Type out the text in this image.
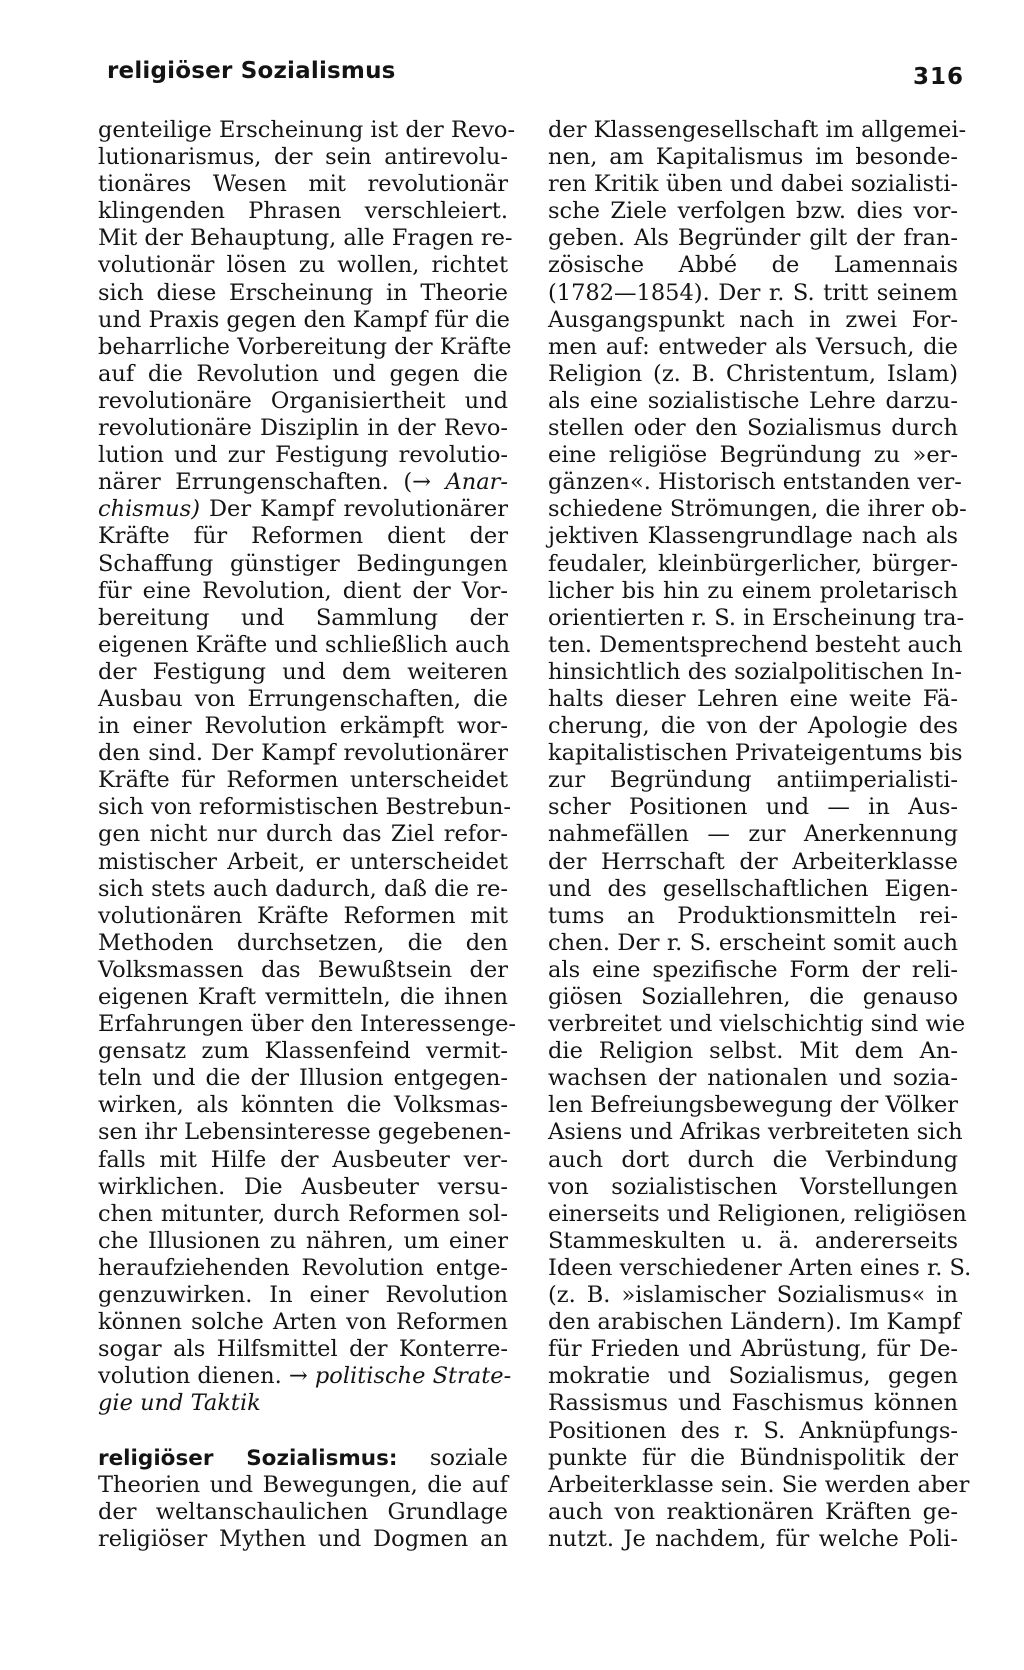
religiöser Sozialismus	316
genteilige Erscheinung ist der Revo-
lutionarismus, der sein antirevolu-
tionäres Wesen mit revolutionär
klingenden Phrasen verschleiert.
Mit der Behauptung, alle Fragen re-
volutionär lösen zu wollen, richtet
sich diese Erscheinung in Theorie
und Praxis gegen den Kampf für die
beharrliche Vorbereitung der Kräfte
auf die Revolution und gegen die
revolutionäre Organisiertheit und
revolutionäre Disziplin in der Revo-
lution und zur Festigung revolutio-
närer Errungenschaften. (→ Anar-
chismus) Der Kampf revolutionärer
Kräfte für Reformen dient der
Schaffung günstiger Bedingungen
für eine Revolution, dient der Vor-
bereitung und Sammlung der
eigenen Kräfte und schließlich auch
der Festigung und dem weiteren
Ausbau von Errungenschaften, die
in einer Revolution erkämpft wor-
den sind. Der Kampf revolutionärer
Kräfte für Reformen unterscheidet
sich von reformistischen Bestrebun-
gen nicht nur durch das Ziel refor-
mistischer Arbeit, er unterscheidet
sich stets auch dadurch, daß die re-
volutionären Kräfte Reformen mit
Methoden durchsetzen, die den
Volksmassen das Bewußtsein der
eigenen Kraft vermitteln, die ihnen
Erfahrungen über den Interessenge-
gensatz zum Klassenfeind vermit-
teln und die der Illusion entgegen-
wirken, als könnten die Volksmas-
sen ihr Lebensinteresse gegebenen-
falls mit Hilfe der Ausbeuter ver-
wirklichen. Die Ausbeuter versu-
chen mitunter, durch Reformen sol-
che Illusionen zu nähren, um einer
heraufziehenden Revolution entge-
genzuwirken. In einer Revolution
können solche Arten von Reformen
sogar als Hilfsmittel der Konterre-
volution dienen. → politische Strate-
gie und Taktik
religiöser Sozialismus: soziale
Theorien und Bewegungen, die auf
der weltanschaulichen Grundlage
religiöser Mythen und Dogmen an
der Klassengesellschaft im allgemei-
nen, am Kapitalismus im besonde-
ren Kritik üben und dabei sozialisti-
sche Ziele verfolgen bzw. dies vor-
geben. Als Begründer gilt der fran-
zösische Abbé de Lamennais
(1782—1854). Der r. S. tritt seinem
Ausgangspunkt nach in zwei For-
men auf: entweder als Versuch, die
Religion (z. B. Christentum, Islam)
als eine sozialistische Lehre darzu-
stellen oder den Sozialismus durch
eine religiöse Begründung zu »er-
gänzen«. Historisch entstanden ver-
schiedene Strömungen, die ihrer ob-
jektiven Klassengrundlage nach als
feudaler, kleinbürgerlicher, bürger-
licher bis hin zu einem proletarisch
orientierten r. S. in Erscheinung tra-
ten. Dementsprechend besteht auch
hinsichtlich des sozialpolitischen In-
halts dieser Lehren eine weite Fä-
cherung, die von der Apologie des
kapitalistischen Privateigentums bis
zur Begründung antiimperialisti-
scher Positionen und — in Aus-
nahmefällen — zur Anerkennung
der Herrschaft der Arbeiterklasse
und des gesellschaftlichen Eigen-
tums an Produktionsmitteln rei-
chen. Der r. S. erscheint somit auch
als eine spezifische Form der reli-
giösen Soziallehren, die genauso
verbreitet und vielschichtig sind wie
die Religion selbst. Mit dem An-
wachsen der nationalen und sozia-
len Befreiungsbewegung der Völker
Asiens und Afrikas verbreiteten sich
auch dort durch die Verbindung
von sozialistischen Vorstellungen
einerseits und Religionen, religiösen
Stammeskulten u. ä. andererseits
Ideen verschiedener Arten eines r. S.
(z. B. »islamischer Sozialismus« in
den arabischen Ländern). Im Kampf
für Frieden und Abrüstung, für De-
mokratie und Sozialismus, gegen
Rassismus und Faschismus können
Positionen des r. S. Anknüpfungs-
punkte für die Bündnispolitik der
Arbeiterklasse sein. Sie werden aber
auch von reaktionären Kräften ge-
nutzt. Je nachdem, für welche Poli-
